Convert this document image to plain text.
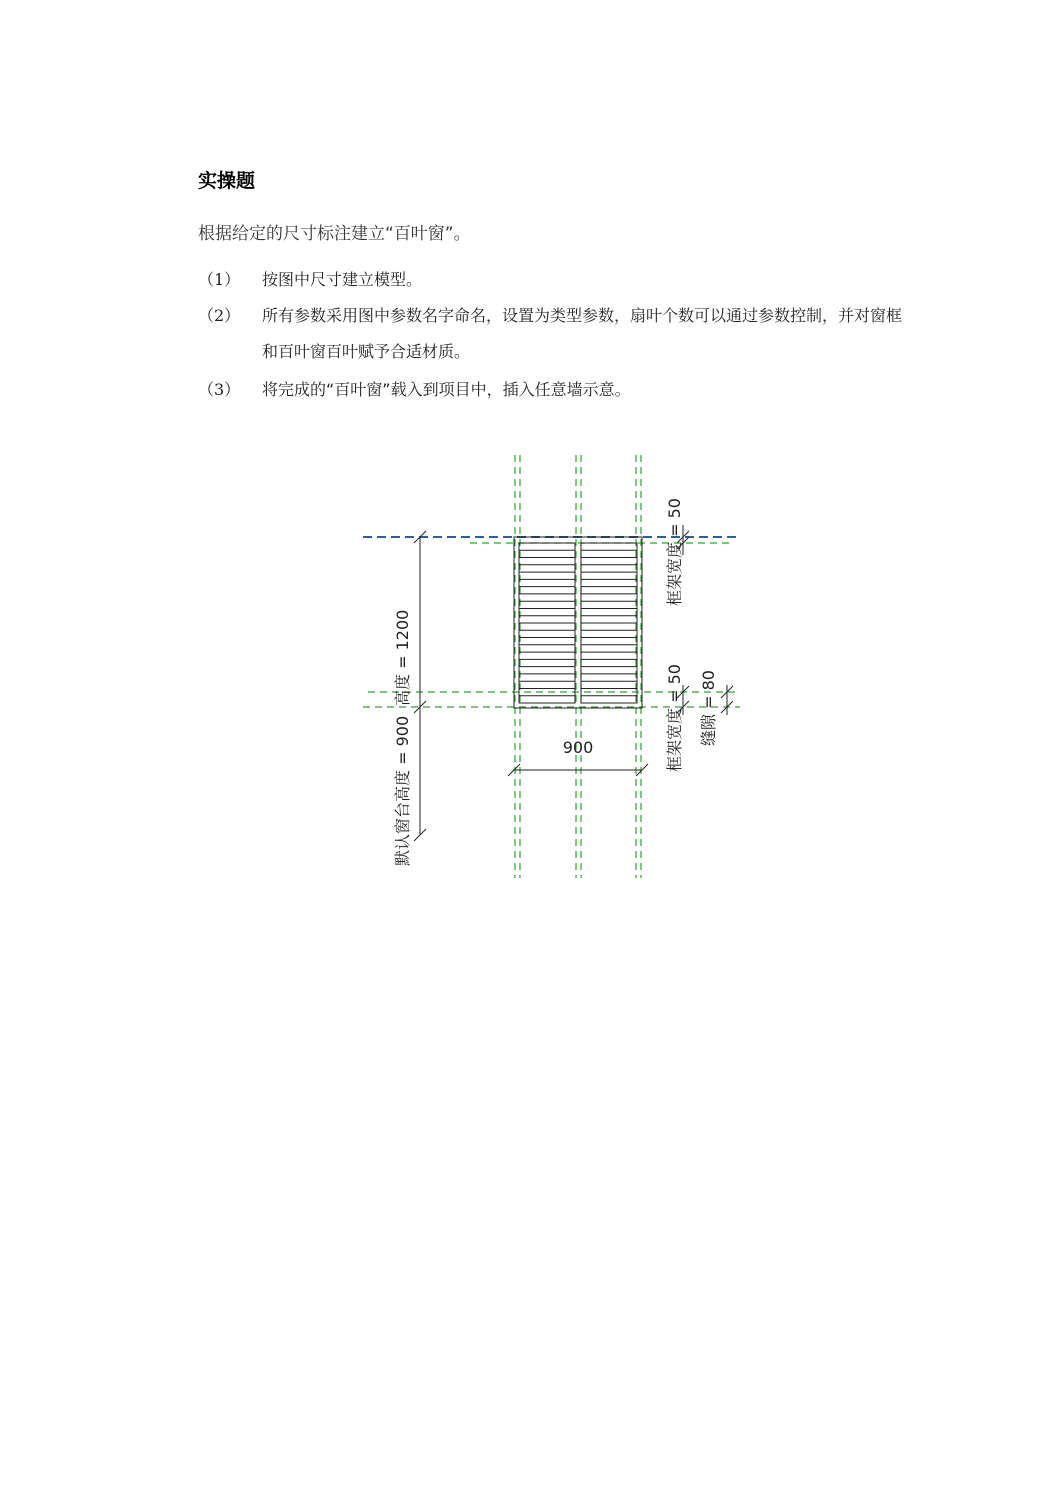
实操题
根据给定的尺寸标注建立“百叶窗”。
（1）	按图中尺寸建立模型。
（2）	所有参数采用图中参数名字命名，设置为类型参数，扇叶个数可以通过参数控制，并对窗框和百叶窗百叶赋予合适材质。
（3）	将完成的“百叶窗”载入到项目中，插入任意墙示意。
900
高度 = 1200
默认窗台高度 = 900
框架宽度 = 50
框架宽度 = 50 缝隙 = 80
